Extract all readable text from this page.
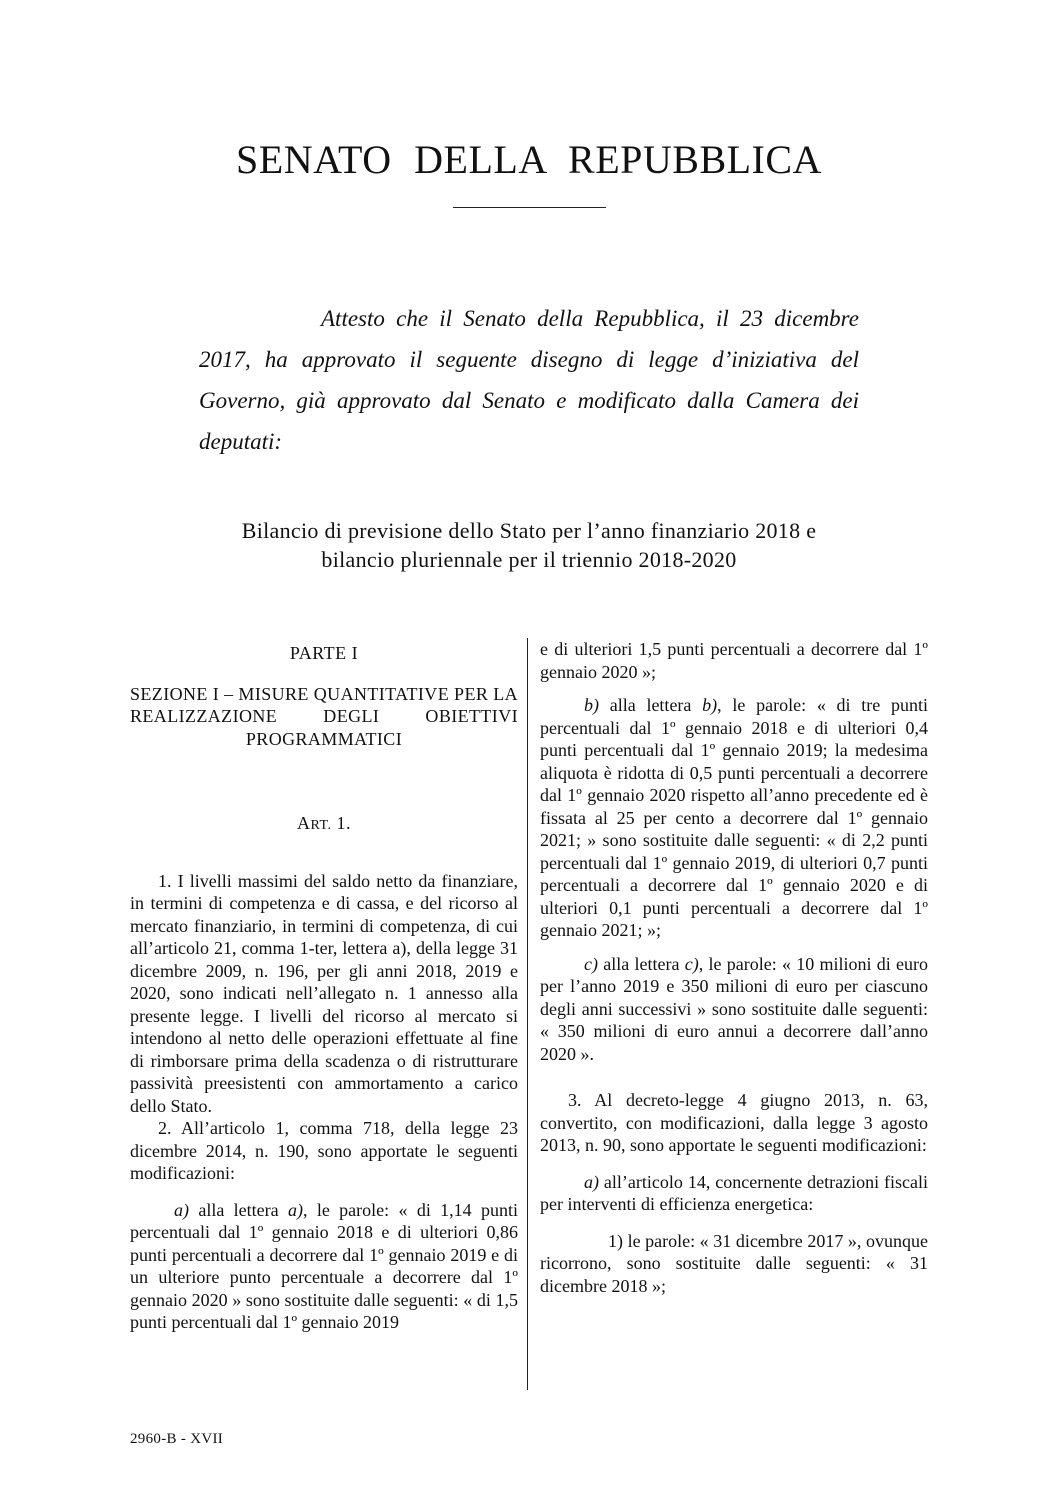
SENATO DELLA REPUBBLICA

Attesto che il Senato della Repubblica, il 23 dicembre 2017, ha approvato il seguente disegno di legge d’iniziativa del Governo, già approvato dal Senato e modificato dalla Camera dei deputati:

Bilancio di previsione dello Stato per l’anno finanziario 2018 e
bilancio pluriennale per il triennio 2018-2020

PARTE I

SEZIONE I – MISURE QUANTITATIVE PER LA REALIZZAZIONE DEGLI OBIETTIVI PROGRAMMATICI

ART. 1.

1. I livelli massimi del saldo netto da finanziare, in termini di competenza e di cassa, e del ricorso al mercato finanziario, in termini di competenza, di cui all’articolo 21, comma 1-ter, lettera a), della legge 31 dicembre 2009, n. 196, per gli anni 2018, 2019 e 2020, sono indicati nell’allegato n. 1 annesso alla presente legge. I livelli del ricorso al mercato si intendono al netto delle operazioni effettuate al fine di rimborsare prima della scadenza o di ristrutturare passività preesistenti con ammortamento a carico dello Stato.

2. All’articolo 1, comma 718, della legge 23 dicembre 2014, n. 190, sono apportate le seguenti modificazioni:

a) alla lettera a), le parole: « di 1,14 punti percentuali dal 1º gennaio 2018 e di ulteriori 0,86 punti percentuali a decorrere dal 1º gennaio 2019 e di un ulteriore punto percentuale a decorrere dal 1º gennaio 2020 » sono sostituite dalle seguenti: « di 1,5 punti percentuali dal 1º gennaio 2019

e di ulteriori 1,5 punti percentuali a decorrere dal 1º gennaio 2020 »;

b) alla lettera b), le parole: « di tre punti percentuali dal 1º gennaio 2018 e di ulteriori 0,4 punti percentuali dal 1º gennaio 2019; la medesima aliquota è ridotta di 0,5 punti percentuali a decorrere dal 1º gennaio 2020 rispetto all’anno precedente ed è fissata al 25 per cento a decorrere dal 1º gennaio 2021; » sono sostituite dalle seguenti: « di 2,2 punti percentuali dal 1º gennaio 2019, di ulteriori 0,7 punti percentuali a decorrere dal 1º gennaio 2020 e di ulteriori 0,1 punti percentuali a decorrere dal 1º gennaio 2021; »;

c) alla lettera c), le parole: « 10 milioni di euro per l’anno 2019 e 350 milioni di euro per ciascuno degli anni successivi » sono sostituite dalle seguenti: « 350 milioni di euro annui a decorrere dall’anno 2020 ».

3. Al decreto-legge 4 giugno 2013, n. 63, convertito, con modificazioni, dalla legge 3 agosto 2013, n. 90, sono apportate le seguenti modificazioni:

a) all’articolo 14, concernente detrazioni fiscali per interventi di efficienza energetica:

1) le parole: « 31 dicembre 2017 », ovunque ricorrono, sono sostituite dalle seguenti: « 31 dicembre 2018 »;

2960-B - XVII
